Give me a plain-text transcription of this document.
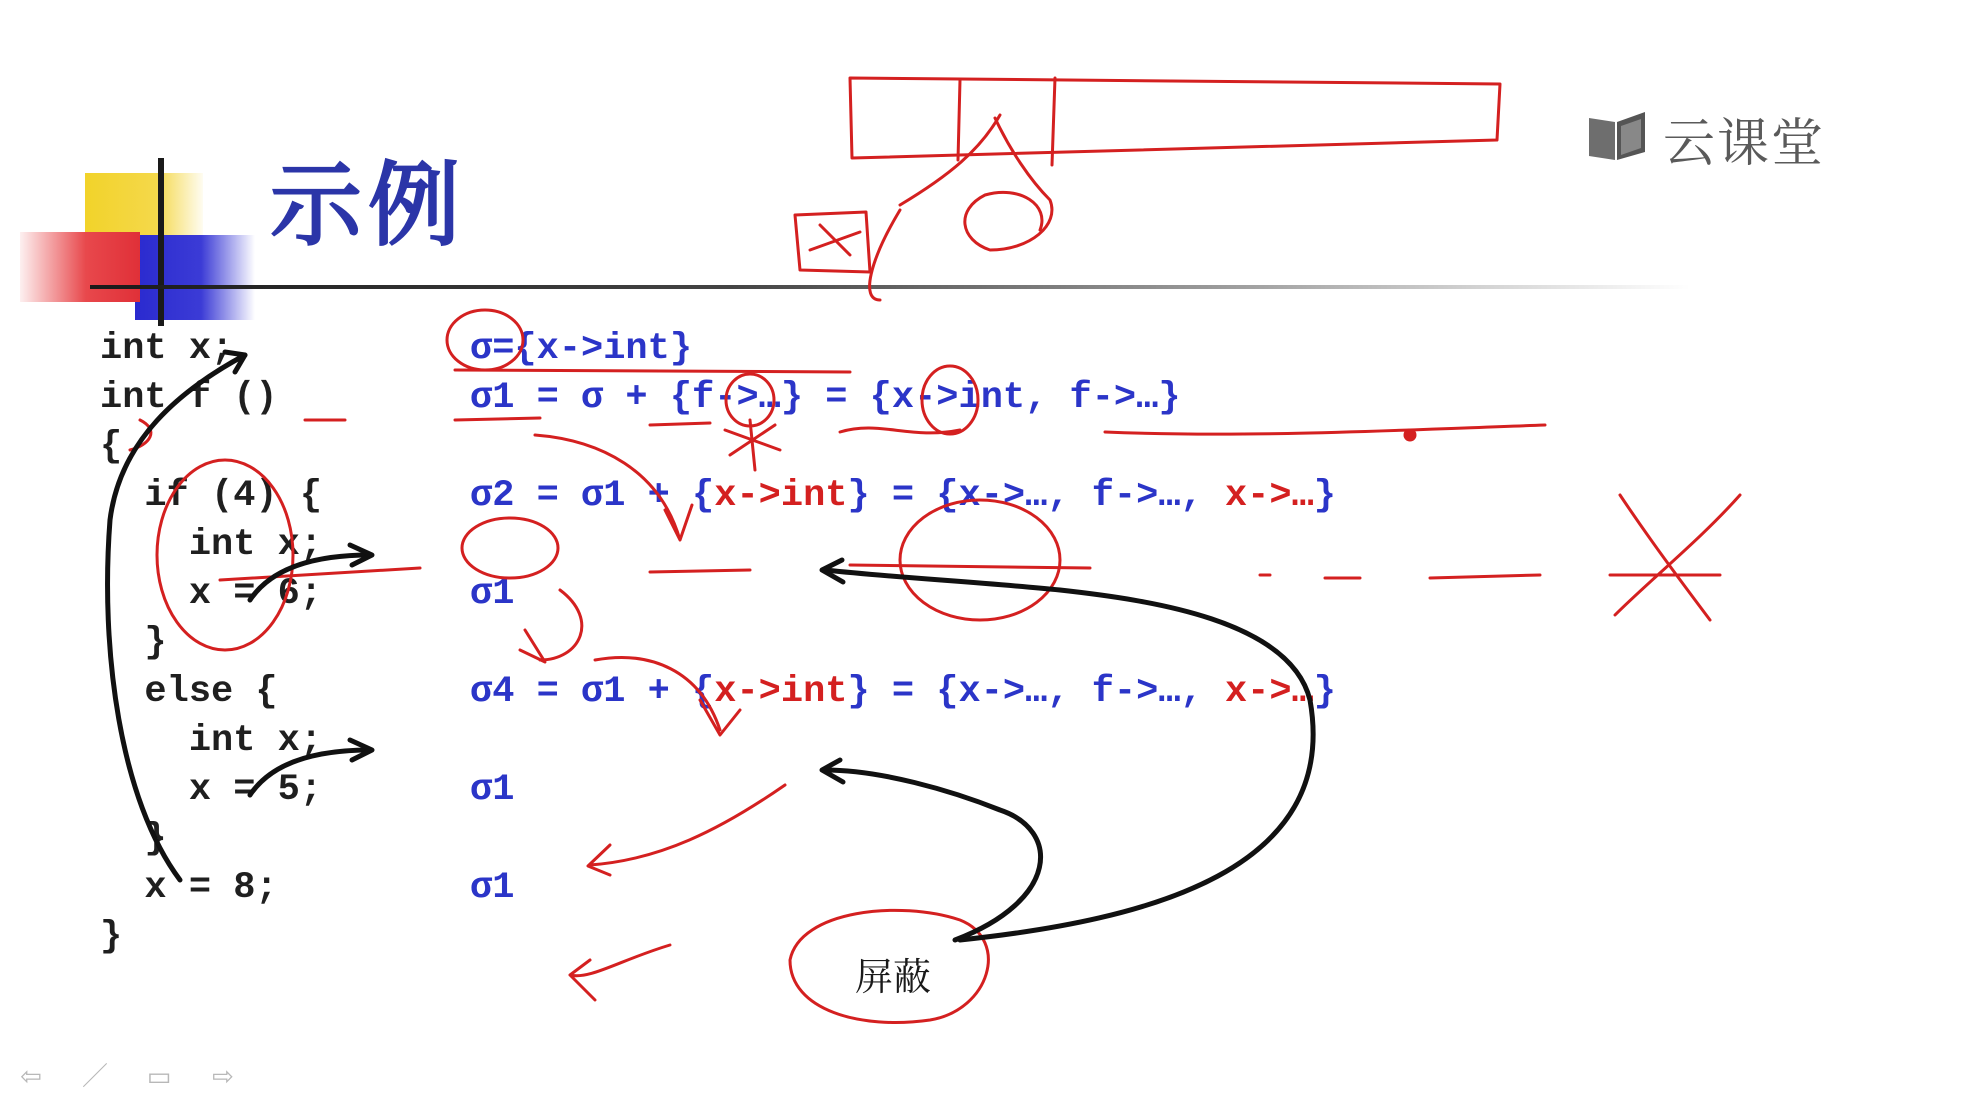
云课堂
示例
int x;
int f ()
{
if (4) {
int x;
x = 6;
}
else {
int x;
x = 5;
}
x = 8;
}
σ={x->int}
σ1 = σ + {f->…} = {x->int, f->…}

σ2 = σ1 + {x->int} = {x->…, f->…, x->…}

σ1

σ4 = σ1 + {x->int} = {x->…, f->…, x->…}

σ1

σ1
屏蔽
⇦ ／ ▭ ⇨
